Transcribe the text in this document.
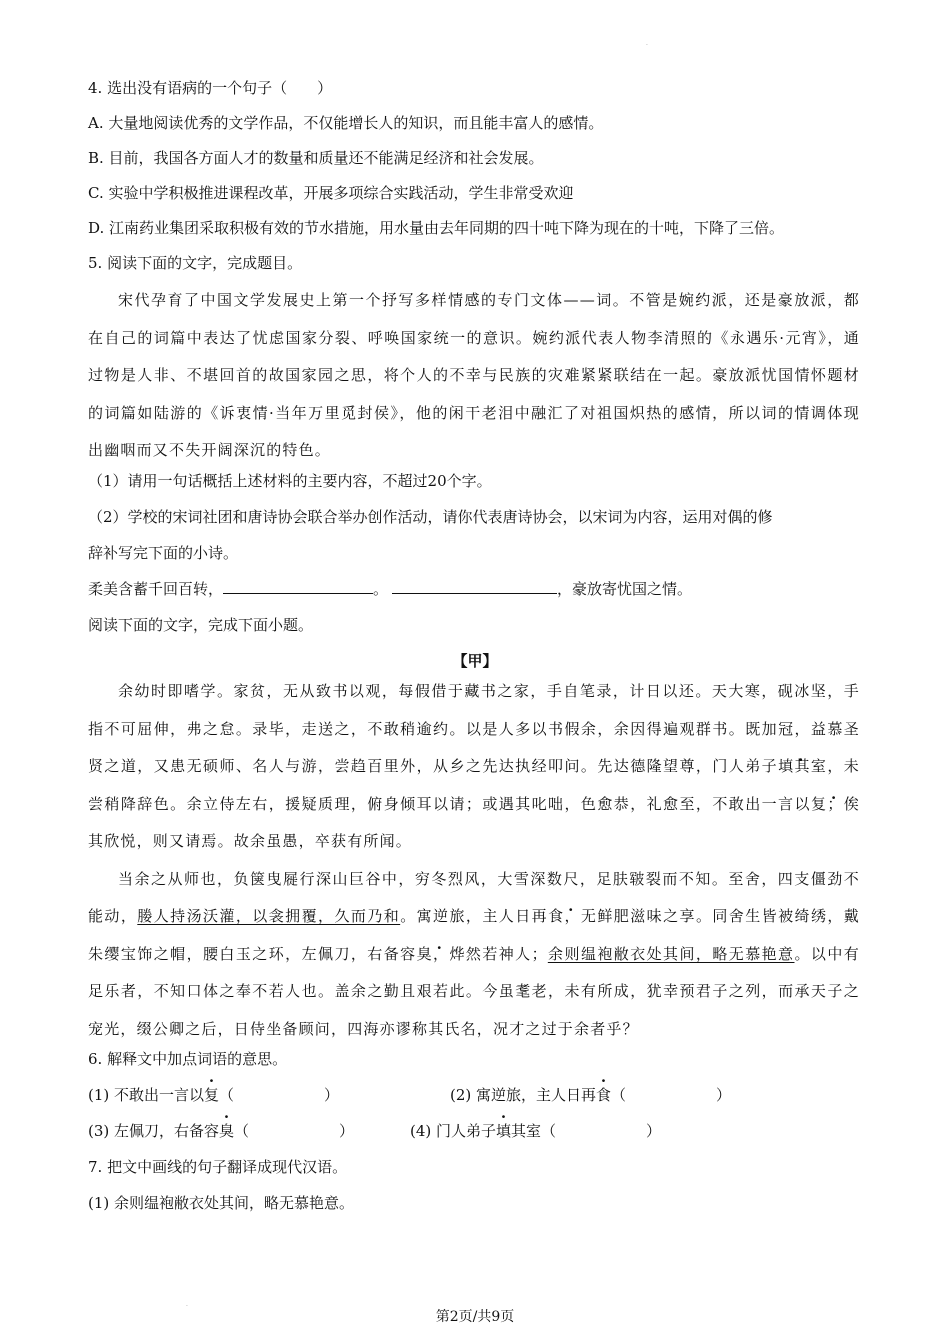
·
4. 选出没有语病的一个句子（　　）
A. 大量地阅读优秀的文学作品，不仅能增长人的知识，而且能丰富人的感情。
B. 目前，我国各方面人才的数量和质量还不能满足经济和社会发展。
C. 实验中学积极推进课程改革，开展多项综合实践活动，学生非常受欢迎
D. 江南药业集团采取积极有效的节水措施，用水量由去年同期的四十吨下降为现在的十吨，下降了三倍。
5. 阅读下面的文字，完成题目。

宋代孕育了中国文学发展史上第一个抒写多样情感的专门文体——词。不管是婉约派，还是豪放派，都在自己的词篇中表达了忧虑国家分裂、呼唤国家统一的意识。婉约派代表人物李清照的《永遇乐·元宵》，通过物是人非、不堪回首的故国家园之思，将个人的不幸与民族的灾难紧紧联结在一起。豪放派忧国情怀题材的词篇如陆游的《诉衷情·当年万里觅封侯》，他的闲干老泪中融汇了对祖国炽热的感情，所以词的情调体现出幽咽而又不失开阔深沉的特色。

（1）请用一句话概括上述材料的主要内容，不超过20个字。
（2）学校的宋词社团和唐诗协会联合举办创作活动，请你代表唐诗协会，以宋词为内容，运用对偶的修
辞补写完下面的小诗。
柔美含蓄千回百转，	。	，豪放寄忧国之情。
阅读下面的文字，完成下面小题。
【甲】

余幼时即嗜学。家贫，无从致书以观，每假借于藏书之家，手自笔录，计日以还。天大寒，砚冰坚，手指不可屈伸，弗之怠。录毕，走送之，不敢稍逾约。以是人多以书假余，余因得遍观群书。既加冠，益慕圣贤之道，又患无硕师、名人与游，尝趋百里外，从乡之先达执经叩问。先达德隆望尊，门人弟子填其室，未尝稍降辞色。余立侍左右，援疑质理，俯身倾耳以请；或遇其叱咄，色愈恭，礼愈至，不敢出一言以复；俟其欣悦，则又请焉。故余虽愚，卒获有所闻。

当余之从师也，负箧曳屣行深山巨谷中，穷冬烈风，大雪深数尺，足肤皲裂而不知。至舍，四支僵劲不能动，媵人持汤沃灌，以衾拥覆，久而乃和。寓逆旅，主人日再食，无鲜肥滋味之享。同舍生皆被绮绣，戴朱缨宝饰之帽，腰白玉之环，左佩刀，右备容臭，烨然若神人；余则缊袍敝衣处其间，略无慕艳意。以中有足乐者，不知口体之奉不若人也。盖余之勤且艰若此。今虽耄老，未有所成，犹幸预君子之列，而承天子之宠光，缀公卿之后，日侍坐备顾问，四海亦谬称其氏名，况才之过于余者乎？

6. 解释文中加点词语的意思。
(1) 不敢出一言以复（　　　　　　）	(2) 寓逆旅，主人日再食（　　　　　　）
(3) 左佩刀，右备容臭（　　　　　　）	(4) 门人弟子填其室（　　　　　　）
7. 把文中画线的句子翻译成现代汉语。
(1) 余则缊袍敝衣处其间，略无慕艳意。
·
第2页/共9页
